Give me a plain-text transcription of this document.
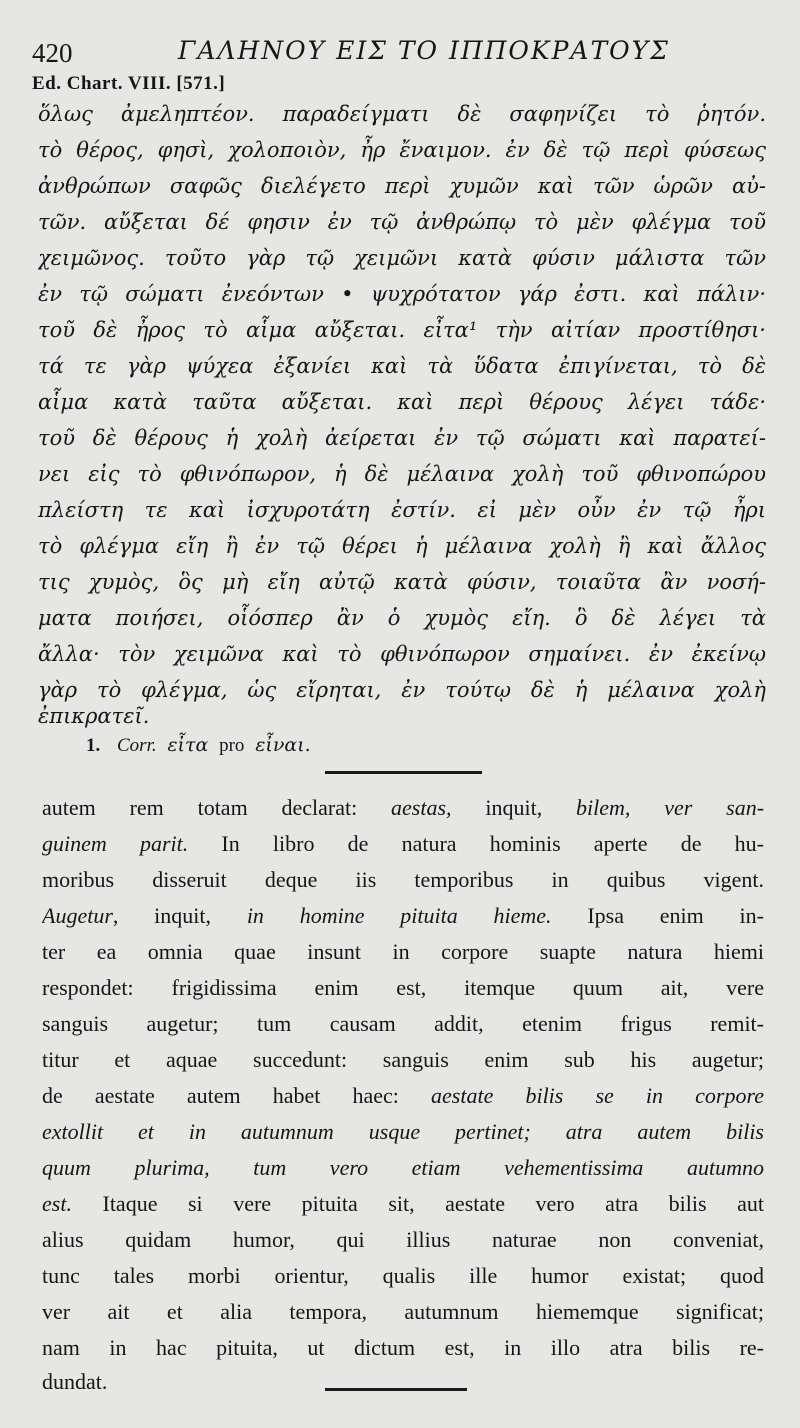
420	ΓΑΛΗΝΟΥ ΕΙΣ ΤΟ ΙΠΠΟΚΡΑΤΟΥΣ
Ed. Chart. VIII. [571.]
ὅλως ἀμεληπτέον. παραδείγματι δὲ σαφηνίζει τὸ ῥητόν.
τὸ θέρος, φησὶ, χολοποιὸν, ἦρ ἔναιμον. ἐν δὲ τῷ περὶ φύσεως
ἀνθρώπων σαφῶς διελέγετο περὶ χυμῶν καὶ τῶν ὡρῶν αὐ-
τῶν. αὔξεται δέ φησιν ἐν τῷ ἀνθρώπῳ τὸ μὲν φλέγμα τοῦ
χειμῶνος. τοῦτο γὰρ τῷ χειμῶνι κατὰ φύσιν μάλιστα τῶν
ἐν τῷ σώματι ἐνεόντων • ψυχρότατον γάρ ἐστι. καὶ πάλιν·
τοῦ δὲ ἦρος τὸ αἷμα αὔξεται. εἶτα¹ τὴν αἰτίαν προστίθησι·
τά τε γὰρ ψύχεα ἐξανίει καὶ τὰ ὕδατα ἐπιγίνεται, τὸ δὲ
αἷμα κατὰ ταῦτα αὔξεται. καὶ περὶ θέρους λέγει τάδε·
τοῦ δὲ θέρους ἡ χολὴ ἀείρεται ἐν τῷ σώματι καὶ παρατεί-
νει εἰς τὸ φθινόπωρον, ἡ δὲ μέλαινα χολὴ τοῦ φθινοπώρου
πλείστη τε καὶ ἰσχυροτάτη ἐστίν. εἰ μὲν οὖν ἐν τῷ ἦρι
τὸ φλέγμα εἴη ἢ ἐν τῷ θέρει ἡ μέλαινα χολὴ ἢ καὶ ἄλλος
τις χυμὸς, ὃς μὴ εἴη αὐτῷ κατὰ φύσιν, τοιαῦτα ἂν νοσή-
ματα ποιήσει, οἷόσπερ ἂν ὁ χυμὸς εἴη. ὃ δὲ λέγει τὰ
ἄλλα· τὸν χειμῶνα καὶ τὸ φθινόπωρον σημαίνει. ἐν ἐκείνῳ
γὰρ τὸ φλέγμα, ὡς εἴρηται, ἐν τούτῳ δὲ ἡ μέλαινα χολὴ
ἐπικρατεῖ.
1. Corr. εἶτα pro εἶναι.
autem rem totam declarat: aestas, inquit, bilem, ver san-
guinem parit. In libro de natura hominis aperte de hu-
moribus disseruit deque iis temporibus in quibus vigent.
Augetur, inquit, in homine pituita hieme. Ipsa enim in-
ter ea omnia quae insunt in corpore suapte natura hiemi
respondet: frigidissima enim est, itemque quum ait, vere
sanguis augetur; tum causam addit, etenim frigus remit-
titur et aquae succedunt: sanguis enim sub his augetur;
de aestate autem habet haec: aestate bilis se in corpore
extollit et in autumnum usque pertinet; atra autem bilis
quum plurima, tum vero etiam vehementissima autumno
est. Itaque si vere pituita sit, aestate vero atra bilis aut
alius quidam humor, qui illius naturae non conveniat,
tunc tales morbi orientur, qualis ille humor existat; quod
ver ait et alia tempora, autumnum hiememque significat;
nam in hac pituita, ut dictum est, in illo atra bilis re-
dundat.
